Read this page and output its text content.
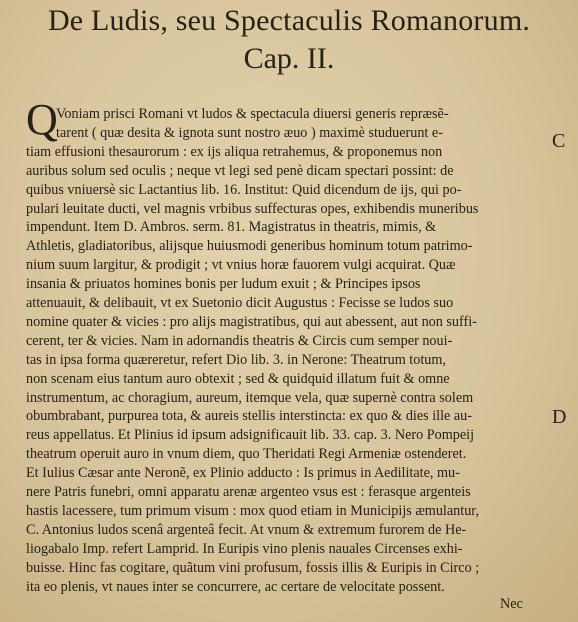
De Ludis, seu Spectaculis Romanorum.
Cap. II.
C
D
Q
Voniam prisci Romani vt ludos & spectacula diuersi generis repræsẽ-
tarent ( quæ desita & ignota sunt nostro æuo ) maximè studuerunt e-
tiam effusioni thesaurorum : ex ijs aliqua retrahemus, & proponemus non
auribus solum sed oculis ; neque vt legi sed penè dicam spectari possint: de
quibus vniuersè sic Lactantius lib. 16. Institut: Quid dicendum de ijs, qui po-
pulari leuitate ducti, vel magnis vrbibus suffecturas opes, exhibendis muneribus
impendunt. Item D. Ambros. serm. 81. Magistratus in theatris, mimis, &
Athletis, gladiatoribus, alijsque huiusmodi generibus hominum totum patrimo-
nium suum largitur, & prodigit ; vt vnius horæ fauorem vulgi acquirat. Quæ
insania & priuatos homines bonis per ludum exuit ; & Principes ipsos
attenuauit, & delibauit, vt ex Suetonio dicit Augustus : Fecisse se ludos suo
nomine quater & vicies : pro alijs magistratibus, qui aut abessent, aut non suffi-
cerent, ter & vicies. Nam in adornandis theatris & Circis cum semper noui-
tas in ipsa forma quæreretur, refert Dio lib. 3. in Nerone: Theatrum totum,
non scenam eius tantum auro obtexit ; sed & quidquid illatum fuit & omne
instrumentum, ac choragium, aureum, itemque vela, quæ supernè contra solem
obumbrabant, purpurea tota, & aureis stellis interstincta: ex quo & dies ille au-
reus appellatus. Et Plinius id ipsum adsignificauit lib. 33. cap. 3. Nero Pompeij
theatrum operuit auro in vnum diem, quo Theridati Regi Armeniæ ostenderet.
Et Iulius Cæsar ante Neronẽ, ex Plinio adducto : Is primus in Aedilitate, mu-
nere Patris funebri, omni apparatu arenæ argenteo vsus est : ferasque argenteis
hastis lacessere, tum primum visum : mox quod etiam in Municipijs æmulantur,
C. Antonius ludos scenâ argenteâ fecit. At vnum & extremum furorem de He-
liogabalo Imp. refert Lamprid. In Euripis vino plenis nauales Circenses exhi-
buisse. Hinc fas cogitare, quãtum vini profusum, fossis illis & Euripis in Circo ;
ita eo plenis, vt naues inter se concurrere, ac certare de velocitate possent.
Nec
